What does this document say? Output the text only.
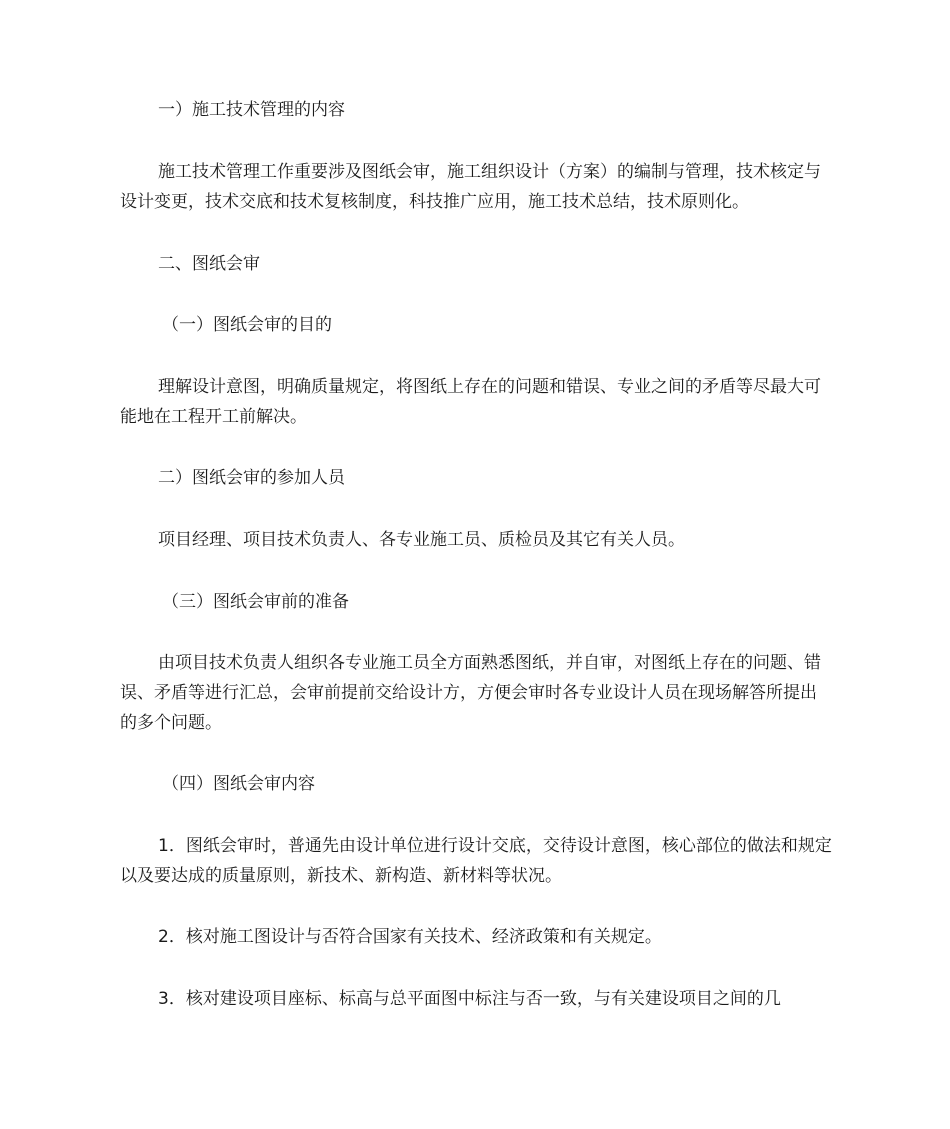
一）施工技术管理的内容

施工技术管理工作重要涉及图纸会审，施工组织设计（方案）的编制与管理，技术核定与设计变更，技术交底和技术复核制度，科技推广应用，施工技术总结，技术原则化。

二、图纸会审

（一）图纸会审的目的

理解设计意图，明确质量规定，将图纸上存在的问题和错误、专业之间的矛盾等尽最大可能地在工程开工前解决。

二）图纸会审的参加人员

项目经理、项目技术负责人、各专业施工员、质检员及其它有关人员。

（三）图纸会审前的准备

由项目技术负责人组织各专业施工员全方面熟悉图纸，并自审，对图纸上存在的问题、错误、矛盾等进行汇总，会审前提前交给设计方，方便会审时各专业设计人员在现场解答所提出的多个问题。

（四）图纸会审内容

1．图纸会审时，普通先由设计单位进行设计交底，交待设计意图，核心部位的做法和规定以及要达成的质量原则，新技术、新构造、新材料等状况。

2．核对施工图设计与否符合国家有关技术、经济政策和有关规定。

3．核对建设项目座标、标高与总平面图中标注与否一致，与有关建设项目之间的几
